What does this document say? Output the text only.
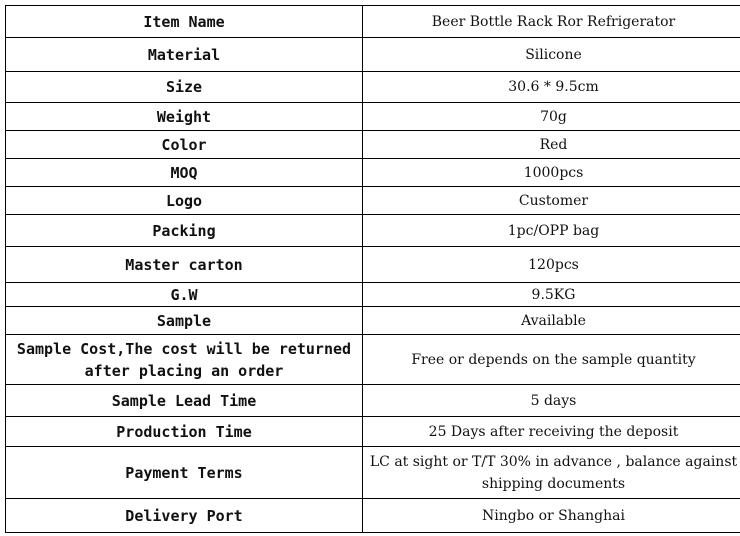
Item Name	Beer Bottle Rack Ror Refrigerator
Material	Silicone
Size	30.6 * 9.5cm
Weight	70g
Color	Red
MOQ	1000pcs
Logo	Customer
Packing	1pc/OPP bag
Master carton	120pcs
G.W	9.5KG
Sample	Available
Sample Cost,The cost will be returned after placing an order	Free or depends on the sample quantity
Sample Lead Time	5 days
Production Time	25 Days after receiving the deposit
Payment Terms	LC at sight or T/T 30% in advance , balance against shipping documents
Delivery Port	Ningbo or Shanghai
